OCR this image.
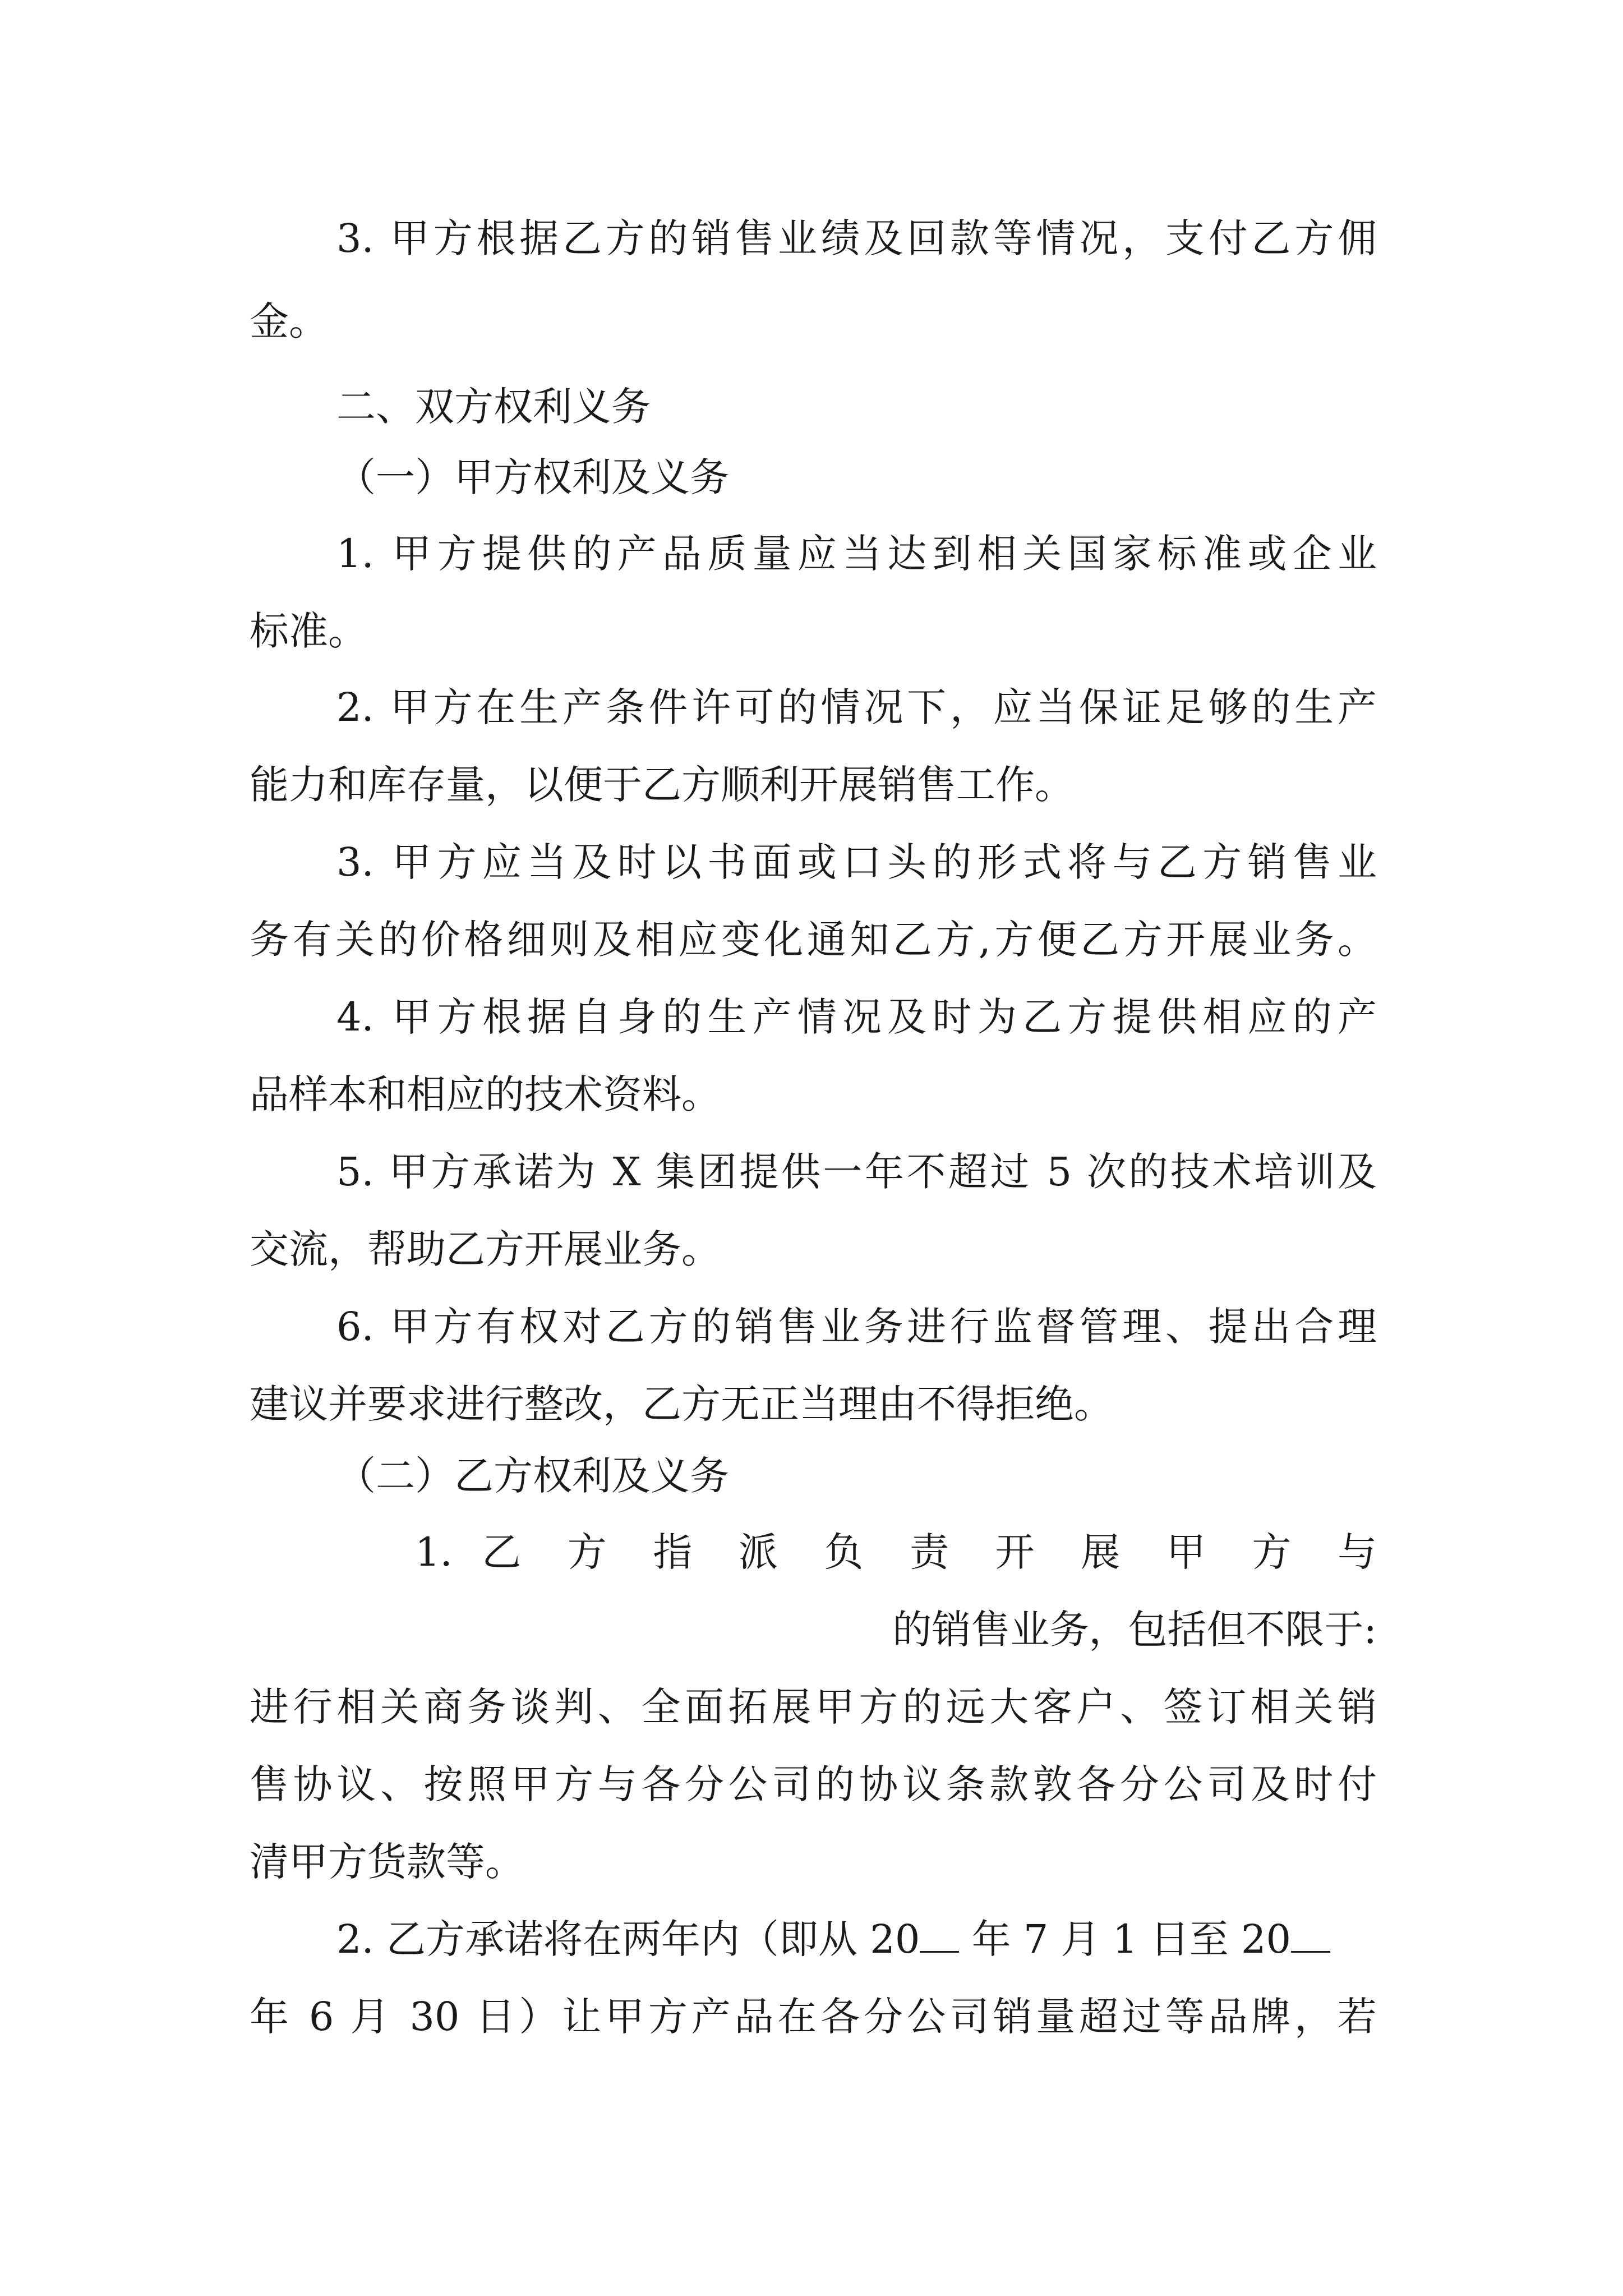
3. 甲方根据乙方的销售业绩及回款等情况，支付乙方佣

金。

二、双方权利义务

（一）甲方权利及义务

1. 甲方提供的产品质量应当达到相关国家标准或企业

标准。

2. 甲方在生产条件许可的情况下，应当保证足够的生产

能力和库存量，以便于乙方顺利开展销售工作。

3. 甲方应当及时以书面或口头的形式将与乙方销售业

务有关的价格细则及相应变化通知乙方,方便乙方开展业务。

4. 甲方根据自身的生产情况及时为乙方提供相应的产

品样本和相应的技术资料。

5. 甲方承诺为 X 集团提供一年不超过 5 次的技术培训及

交流，帮助乙方开展业务。

6. 甲方有权对乙方的销售业务进行监督管理、提出合理

建议并要求进行整改，乙方无正当理由不得拒绝。

（二）乙方权利及义务

1. 乙 方 指 派 负 责 开 展 甲 方 与

的销售业务，包括但不限于:

进行相关商务谈判、全面拓展甲方的远大客户、签订相关销

售协议、按照甲方与各分公司的协议条款敦各分公司及时付

清甲方货款等。

2. 乙方承诺将在两年内（即从 20 年 7 月 1 日至 20

年 6 月 30 日）让甲方产品在各分公司销量超过等品牌，若
